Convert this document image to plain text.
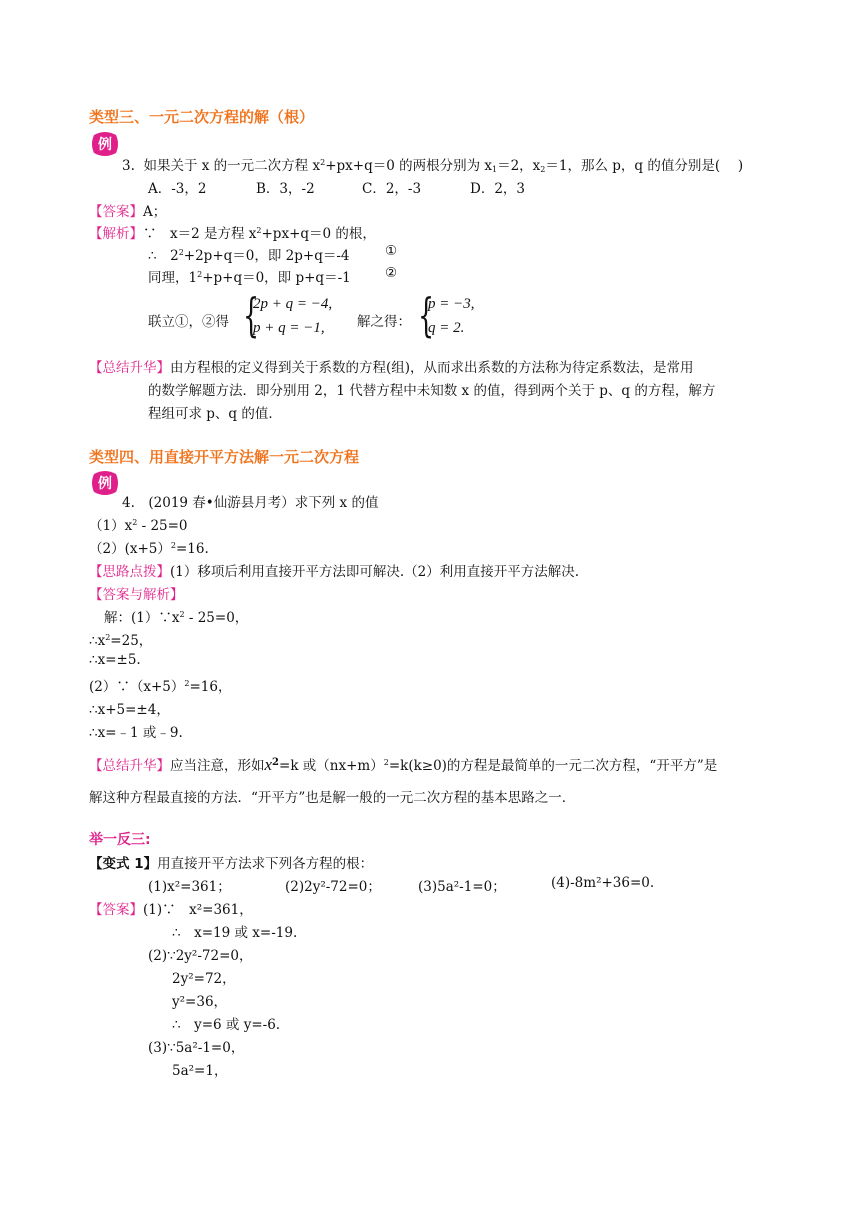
类型三、一元二次方程的解（根）
例
3. 如果关于 x 的一元二次方程 $x^2+px+q=0$ 的两根分别为 $x_1=2$，$x_2=1$，那么 p，q 的值分别是(　 )
A．-3，2	B．3，-2	C．2，-3	D．2，3
【答案】A；
【解析】∵　x＝2 是方程 $x^2+px+q=0$ 的根，
∴　$2^2+2p+q=0$，即 2p+q＝-4	①
同理，$1^2+p+q=0$，即 p+q＝-1	②
联立①，②得 {
2p + q = −4,
p + q = −1, 解之得： {
p = −3,
q = 2.
【总结升华】由方程根的定义得到关于系数的方程(组)，从而求出系数的方法称为待定系数法，是常用
的数学解题方法．即分别用 2，1 代替方程中未知数 x 的值，得到两个关于 p、q 的方程，解方
程组可求 p、q 的值．
类型四、用直接开平方法解一元二次方程
例
4.　(2019 春•仙游县月考）求下列 x 的值
$(1)x^2 - 25=0$
（2）(x+5）$^2$=16.
【思路点拨】(1）移项后利用直接开平方法即可解决.（2）利用直接开平方法解决.
【答案与解析】
解：$(1)\because x^2 - 25=0$，
$\therefore x^2=25$，
∴x=±5.
$(2)\because(x+5)^2=16$，
∴x+5=±4，
∴x=﹣1 或﹣9.
【总结升华】应当注意，形如$x^2=k$ 或$(nx+m)^2=k(k\ge 0)$的方程是最简单的一元二次方程，“开平方”是
解这种方程最直接的方法．“开平方”也是解一般的一元二次方程的基本思路之一．
举一反三:
【变式 1】用直接开平方法求下列各方程的根：
(1)x²=361；	(2)2y²-72=0；	(3)5a²-1=0；	(4)-8m²+36=0.
【答案】(1)∵　x²=361，
∴　x=19 或 x=-19.
(2)∵2y²-72=0，
2y²=72，
y²=36，
∴　y=6 或 y=-6.
(3)∵5a²-1=0，
5a²=1，
